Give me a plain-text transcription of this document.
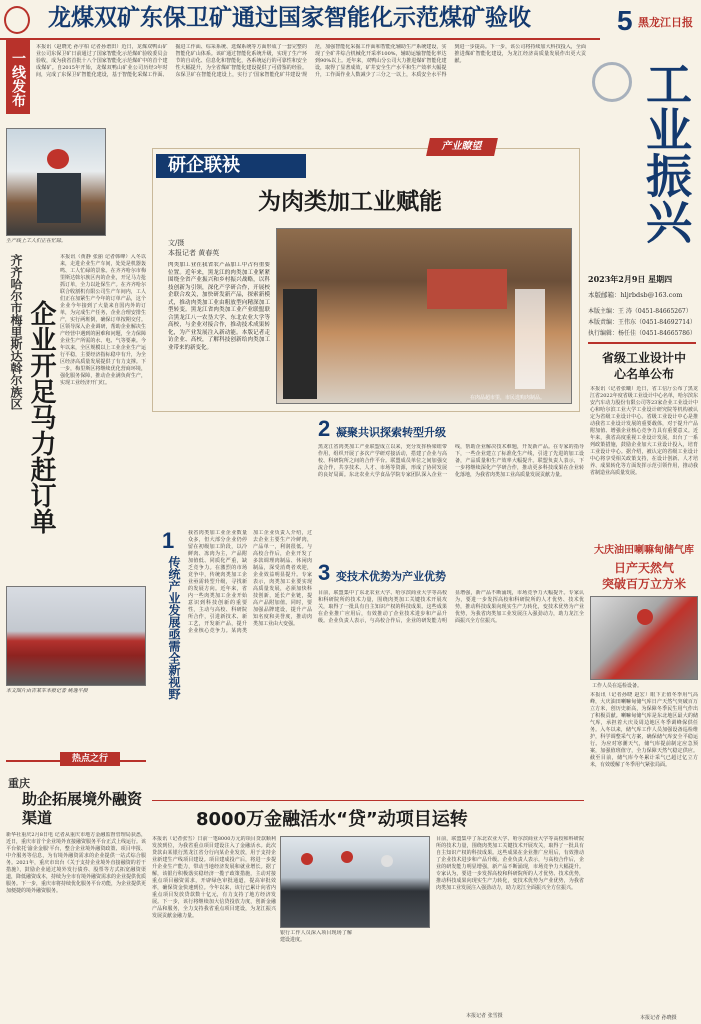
龙煤双矿东保卫矿通过国家智能化示范煤矿验收	5 黑龙江日报
一线发布
本报讯（赵晓光 孙宇柏 记者孙谱田）近日，龙煤双鸭山矿业公司东保卫矿日前通过了国家智能化示范煤矿验收委员会验收，成为我省首批十八个国家智能化示范煤矿中的首个建成煤矿。自2015年开始，龙煤双鸭山矿业公司历经3年时间，完成了东保卫矿智能化建设，基于智能化采煤工作面、掘进工作面、综采系统、选煤系统等方面形成了一套完整的智能化矿山体系。该矿通过智能化系统升级，实现了生产环节的自动化、信息化和智能化，各系统运行的可靠性和安全性大幅提升，为全省煤矿智能化建设提供了可借鉴的经验。东保卫矿在智能化建设上，实行了'国家智能化矿井建设'规范，加强智能化采掘工作面和智能化辅助生产系统建设，实现了全矿井综合机械化开采率100%，辅助运输智能化率达到90%以上。近年来，双鸭山分公司大力推进煤矿智能化建设，取得了显著成效，矿井安全生产水平和生产效率大幅提升，工作面作业人数减少了三分之一以上，本质安全水平得到进一步提高。下一步，该公司将持续加大科技投入，全面推进煤矿智能化建设，为龙江经济高质量发展作出更大贡献。
生产线上工人们正在忙碌。
齐齐哈尔市梅里斯达斡尔族区 企业开足马力赶订单
本报讯（黄静 张丽 记者韩峰）入冬以来，走进企业生产车间，处处是机器轰鸣、工人忙碌的景象。在齐齐哈尔市梅里斯达斡尔族区内的企业，开足马力抢抓订单，全力以赴保生产。在齐齐哈尔联合收割机有限公司生产车间内，工人们正在加紧生产今年的订单产品，这个企业今年接到了大量来自国内外的订单，为完成生产任务，企业合理安排生产，实行两班倒，确保订单按期交付。区领导深入企业调研，帮助企业解决生产经营中遇到的困难和问题，全力保障企业生产所需的水、电、气等要素。今年以来，全区规模以上工业企业生产运行平稳，主要经济指标稳中有升，为全区经济高质量发展提供了有力支撑。下一步，梅里斯区将继续优化营商环境，强化服务保障，推动企业满负荷生产，实现工业经济开门红。
本文图片由吉某车本报记者 姚逸平摄
热点之行
重庆
助企拓展境外融资渠道
新华社重庆2月8日电 记者从重庆市地方金融监督管理局获悉，近日，重庆市首个企业境外直接融资服务平台正式上线运行。该平台依托'渝企金服'平台，整合企业境外融资政策、项目申报、中介服务等信息，为有境外融资需求的企业提供一站式综合服务。2021年，重庆市出台《关于支持企业境外直接融资的若干措施》，鼓励企业通过境外发行债券、股票等方式拓宽融资渠道，降低融资成本，持续为全市有境外融资需求的企业提供优质服务。下一步，重庆市将持续优化服务平台功能，为企业提供更加便捷的境外融资服务。
产业瞭望
研企联袂
为肉类加工业赋能
文/摄
本报记者 黄春英
肉类加工业在我省农产品加工中占有重要位置。近年来，黑龙江的肉类加工业紧紧围绕全省产业振兴和乡村振兴战略，以科技创新为引领，深化产学研合作，开展校企联合攻关，加快研发新产品，探索新模式，推动肉类加工业由粗放型向精深加工型转变。黑龙江省肉类加工业产业联盟联合黑龙江八一农垦大学、东北农业大学等高校，与企业对接合作，推动技术成果转化，为产业发展注入新动能。本版记者走访企业、高校，了解科技创新给肉类加工业带来的新变化。
在肉品超市里，市民选购肉制品。
2 凝聚共识探索转型升级
黑龙江省肉类加工产业联盟成立以来，充分发挥桥梁纽带作用，组织开展了多次产学研对接活动，搭建了企业与高校、科研院所之间的合作平台。联盟成员单位之间加强交流合作，共享技术、人才、市场等资源，形成了协同发展的良好局面。东北农业大学食品学院专家团队深入企业一线，帮助企业解决技术难题，开发新产品。在专家的指导下，一些企业建立了标准化生产线，引进了先进的加工设备，产品质量和生产效率大幅提升。联盟负责人表示，下一步将继续深化产学研合作，推动更多科技成果在企业转化落地，为我省肉类加工业高质量发展贡献力量。
1
传统产业发展亟需全新视野
我省肉类加工业企业数量众多，但大部分企业仍停留在初级加工阶段，以冷鲜肉、冻肉为主，产品附加值低、同质化严重，缺乏竞争力。在激烈的市场竞争中，传统肉类加工企业亟需转型升级，寻找新的发展方向。近年来，省内一些肉类加工企业开始意识到科技创新的重要性，主动与高校、科研院所合作，引进新技术、新工艺，开发新产品，提升企业核心竞争力。某肉类加工企业负责人介绍，过去企业主要生产冷鲜肉，产品单一，利润很低。与高校合作后，企业开发了多款调理肉制品、休闲肉制品，深受消费者欢迎，企业效益明显提升。专家表示，肉类加工业要实现高质量发展，必须加快科技创新，延长产业链，提高产品附加值。同时，要加强品牌建设，提升产品知名度和美誉度，推动肉类加工业由大变强。
3 变技术优势为产业优势
目前，联盟集中了东北农业大学、哈尔滨商业大学等高校和科研院所的技术力量，围绕肉类加工关键技术开展攻关，取得了一批具有自主知识产权的科技成果。这些成果在企业推广应用后，有效推动了企业技术进步和产品升级。企业负责人表示，与高校合作后，企业的研发能力明显增强，新产品不断涌现，市场竞争力大幅提升。专家认为，要进一步发挥高校和科研院所的人才优势、技术优势，推动科技成果向现实生产力转化，变技术优势为产业优势，为我省肉类加工业发展注入强劲动力，助力龙江全面振兴全方位振兴。
8000万金融活水“贷”动项目运转
本报讯（记者张雪）日前一笔8000万元的项目贷款顺利发放到位，为我省重点项目建设注入了金融活水。此次贷款由某银行黑龙江省分行向某企业发放，用于支持企业新建生产线项目建设。项目建成投产后，将进一步提升企业生产能力，带动当地经济发展和就业增长。据了解，该银行积极落实稳经济一揽子政策措施，主动对接重点项目融资需求，开辟绿色审批通道，提高审批效率，确保资金快速到位。今年以来，该行已累计向省内重点项目发放贷款数十亿元，有力支持了地方经济发展。下一步，该行将继续加大信贷投放力度，创新金融产品和服务，全力支持我省重点项目建设，为龙江振兴发展贡献金融力量。
银行工作人员深入项目现场了解建设进度。
本报记者 张雪摄
目前，联盟集中了东北农业大学、哈尔滨商业大学等高校和科研院所的技术力量，围绕肉类加工关键技术开展攻关，取得了一批具有自主知识产权的科技成果。这些成果在企业推广应用后，有效推动了企业技术进步和产品升级。企业负责人表示，与高校合作后，企业的研发能力明显增强，新产品不断涌现，市场竞争力大幅提升。专家认为，要进一步发挥高校和科研院所的人才优势、技术优势，推动科技成果向现实生产力转化，变技术优势为产业优势，为我省肉类加工业发展注入强劲动力，助力龙江全面振兴全方位振兴。
工业振兴
2023年2月9日 星期四
本版邮箱：hljrbdsb@163.com
本版主编：王 涛（0451-84665267）
本版责编：王伟东（0451-84692714）
执行编辑：杨任佳（0451-84665786）
省级工业设计中心名单公布
本报讯（记者张曦）近日，省工信厅公布了黑龙江省2022年度省级工业设计中心名单，哈尔滨东安汽车动力股份有限公司等23家企业工业设计中心和哈尔滨工业大学工业设计研究院等机构被认定为省级工业设计中心。省级工业设计中心是推动我省工业设计发展的重要载体，对于提升产品附加值、增强企业核心竞争力具有重要意义。近年来，我省高度重视工业设计发展，出台了一系列政策措施，鼓励企业加大工业设计投入，培育工业设计中心。据介绍，被认定的省级工业设计中心将享受相关政策支持，在设计创新、人才培养、成果转化等方面发挥示范引领作用，推动我省制造业高质量发展。
大庆油田喇嘛甸储气库
日产天然气
突破百万立方米
工作人员在巡检设备。
本报讯（记者孙晓 赵宏）眼下正值冬季用气高峰，大庆油田喇嘛甸储气库日产天然气突破百万立方米，创历史新高，为保障冬季民生用气作出了积极贡献。喇嘛甸储气库是东北地区最大的储气库，承担着大庆及周边地区冬季调峰保供任务。入冬以来，储气库工作人员加强设备巡检维护，科学调整采气方案，确保储气库安全平稳运行。为应对寒潮天气，储气库提前制定应急预案，加强值班值守，全力保障天然气稳定供应。截至目前，储气库今冬累计采气已超过亿立方米，有效缓解了冬季用气紧张局面。
本报记者 孙晓摄
